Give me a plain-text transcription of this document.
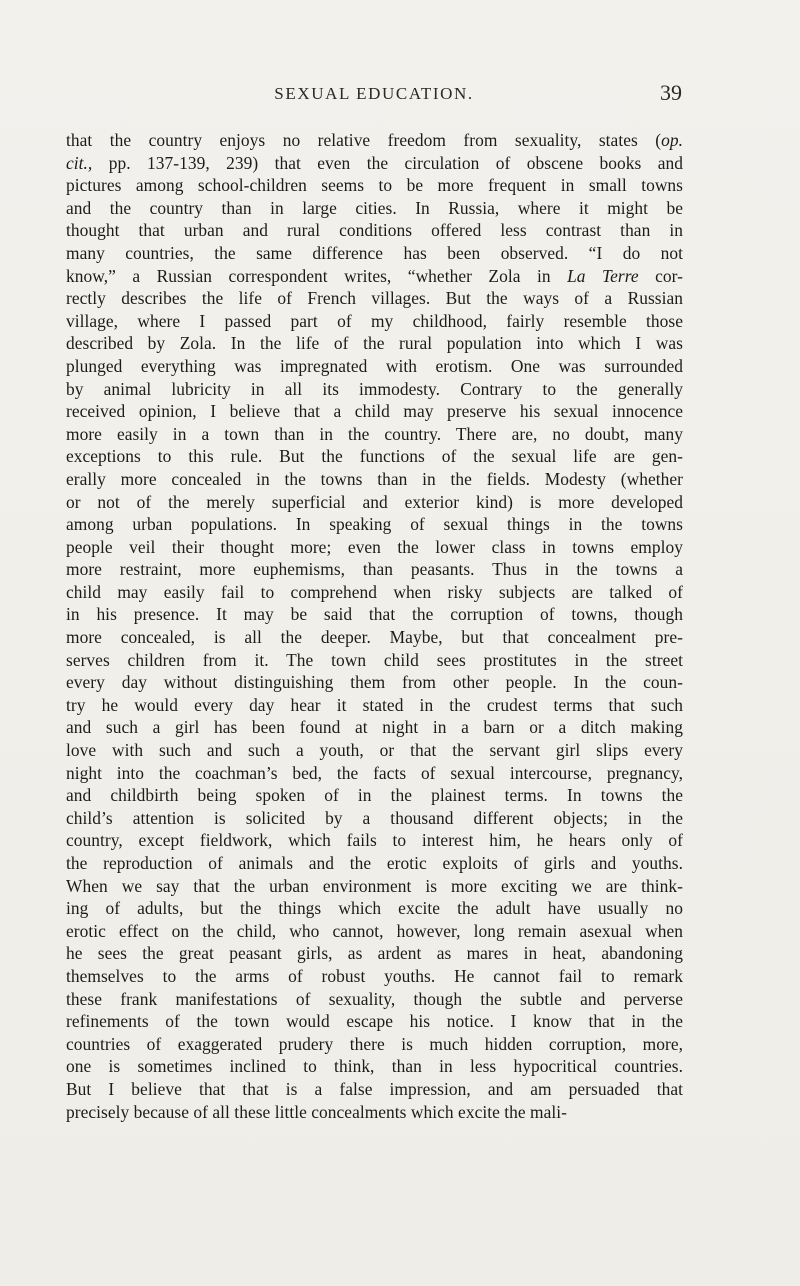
SEXUAL EDUCATION.	39
that the country enjoys no relative freedom from sexuality, states (op.
cit., pp. 137-139, 239) that even the circulation of obscene books and
pictures among school-children seems to be more frequent in small towns
and the country than in large cities. In Russia, where it might be
thought that urban and rural conditions offered less contrast than in
many countries, the same difference has been observed. “I do not
know,” a Russian correspondent writes, “whether Zola in La Terre cor-
rectly describes the life of French villages. But the ways of a Russian
village, where I passed part of my childhood, fairly resemble those
described by Zola. In the life of the rural population into which I was
plunged everything was impregnated with erotism. One was surrounded
by animal lubricity in all its immodesty. Contrary to the generally
received opinion, I believe that a child may preserve his sexual innocence
more easily in a town than in the country. There are, no doubt, many
exceptions to this rule. But the functions of the sexual life are gen-
erally more concealed in the towns than in the fields. Modesty (whether
or not of the merely superficial and exterior kind) is more developed
among urban populations. In speaking of sexual things in the towns
people veil their thought more; even the lower class in towns employ
more restraint, more euphemisms, than peasants. Thus in the towns a
child may easily fail to comprehend when risky subjects are talked of
in his presence. It may be said that the corruption of towns, though
more concealed, is all the deeper. Maybe, but that concealment pre-
serves children from it. The town child sees prostitutes in the street
every day without distinguishing them from other people. In the coun-
try he would every day hear it stated in the crudest terms that such
and such a girl has been found at night in a barn or a ditch making
love with such and such a youth, or that the servant girl slips every
night into the coachman’s bed, the facts of sexual intercourse, pregnancy,
and childbirth being spoken of in the plainest terms. In towns the
child’s attention is solicited by a thousand different objects; in the
country, except fieldwork, which fails to interest him, he hears only of
the reproduction of animals and the erotic exploits of girls and youths.
When we say that the urban environment is more exciting we are think-
ing of adults, but the things which excite the adult have usually no
erotic effect on the child, who cannot, however, long remain asexual when
he sees the great peasant girls, as ardent as mares in heat, abandoning
themselves to the arms of robust youths. He cannot fail to remark
these frank manifestations of sexuality, though the subtle and perverse
refinements of the town would escape his notice. I know that in the
countries of exaggerated prudery there is much hidden corruption, more,
one is sometimes inclined to think, than in less hypocritical countries.
But I believe that that is a false impression, and am persuaded that
precisely because of all these little concealments which excite the mali-
